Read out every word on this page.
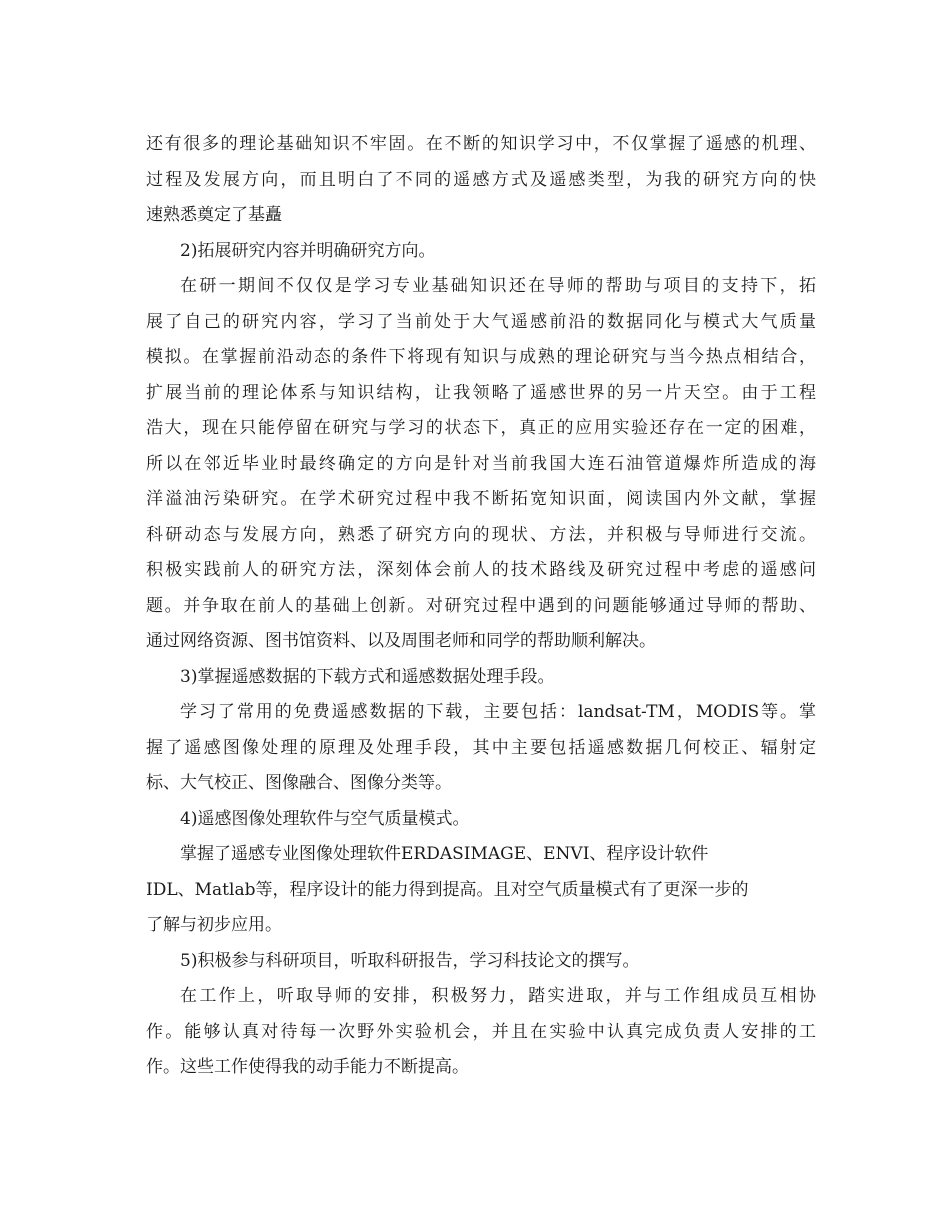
还有很多的理论基础知识不牢固。在不断的知识学习中，不仅掌握了遥感的机理、
过程及发展方向，而且明白了不同的遥感方式及遥感类型，为我的研究方向的快
速熟悉奠定了基矗
2)拓展研究内容并明确研究方向。
在研一期间不仅仅是学习专业基础知识还在导师的帮助与项目的支持下，拓
展了自己的研究内容，学习了当前处于大气遥感前沿的数据同化与模式大气质量
模拟。在掌握前沿动态的条件下将现有知识与成熟的理论研究与当今热点相结合，
扩展当前的理论体系与知识结构，让我领略了遥感世界的另一片天空。由于工程
浩大，现在只能停留在研究与学习的状态下，真正的应用实验还存在一定的困难，
所以在邻近毕业时最终确定的方向是针对当前我国大连石油管道爆炸所造成的海
洋溢油污染研究。在学术研究过程中我不断拓宽知识面，阅读国内外文献，掌握
科研动态与发展方向，熟悉了研究方向的现状、方法，并积极与导师进行交流。
积极实践前人的研究方法，深刻体会前人的技术路线及研究过程中考虑的遥感问
题。并争取在前人的基础上创新。对研究过程中遇到的问题能够通过导师的帮助、
通过网络资源、图书馆资料、以及周围老师和同学的帮助顺利解决。
3)掌握遥感数据的下载方式和遥感数据处理手段。
学习了常用的免费遥感数据的下载，主要包括：landsat-TM，MODIS等。掌
握了遥感图像处理的原理及处理手段，其中主要包括遥感数据几何校正、辐射定
标、大气校正、图像融合、图像分类等。
4)遥感图像处理软件与空气质量模式。
掌握了遥感专业图像处理软件ERDASIMAGE、ENVI、程序设计软件
IDL、Matlab等，程序设计的能力得到提高。且对空气质量模式有了更深一步的
了解与初步应用。
5)积极参与科研项目，听取科研报告，学习科技论文的撰写。
在工作上，听取导师的安排，积极努力，踏实进取，并与工作组成员互相协
作。能够认真对待每一次野外实验机会，并且在实验中认真完成负责人安排的工
作。这些工作使得我的动手能力不断提高。
